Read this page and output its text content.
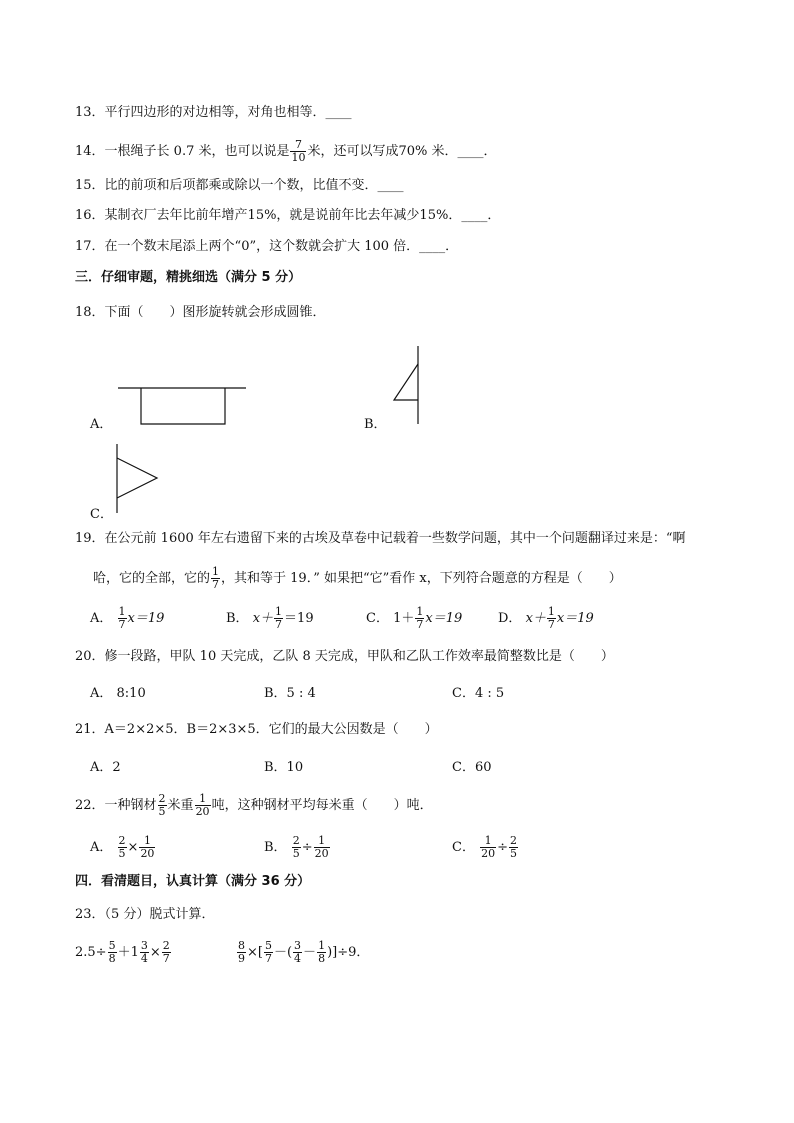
13．平行四边形的对边相等，对角也相等．____
14．一根绳子长 0.7 米，也可以说是 $\frac{7}{10}$ 米，还可以写成70% 米．____．
15．比的前项和后项都乘或除以一个数，比值不变．____
16．某制衣厂去年比前年增产15%，就是说前年比去年减少15%．____．
17．在一个数末尾添上两个“0”，这个数就会扩大 100 倍．____．
三．仔细审题，精挑细选（满分 5 分）
18．下面（　　）图形旋转就会形成圆锥．
A．	B．
C．
19．在公元前 1600 年左右遗留下来的古埃及草卷中记载着一些数学问题，其中一个问题翻译过来是：“啊
哈，它的全部，它的 $\frac{1}{7}$ ，其和等于 19．” 如果把“它”看作 x，下列符合题意的方程是（　　）
A． $\frac{1}{7} x=19$	B． $x+ \frac{1}{7} =19$	C． $1+ \frac{1}{7} x=19$	D． $x+ \frac{1}{7} x=19$
20．修一段路，甲队 10 天完成，乙队 8 天完成，甲队和乙队工作效率最简整数比是（　　）
A． 8:10	B．5 : 4	C．4 : 5
21．A＝2×2×5．B＝2×3×5．它们的最大公因数是（　　）
A．2	B．10	C．60
22．一种钢材 $\frac{2}{5}$ 米重 $\frac{1}{20}$ 吨，这种钢材平均每米重（　　）吨．
A． $\frac{2}{5} \times \frac{1}{20}$	B． $\frac{2}{5} \div \frac{1}{20}$	C． $\frac{1}{20} \div \frac{2}{5}$
四．看清题目，认真计算（满分 36 分）
23．（5 分）脱式计算．
$2.5\div \frac{5}{8} +1 \frac{3}{4} \times \frac{2}{7}$	$\frac{8}{9}$ ×[ $\frac{5}{7}$ －( $\frac{3}{4} - \frac{1}{8} )]\div 9$．
